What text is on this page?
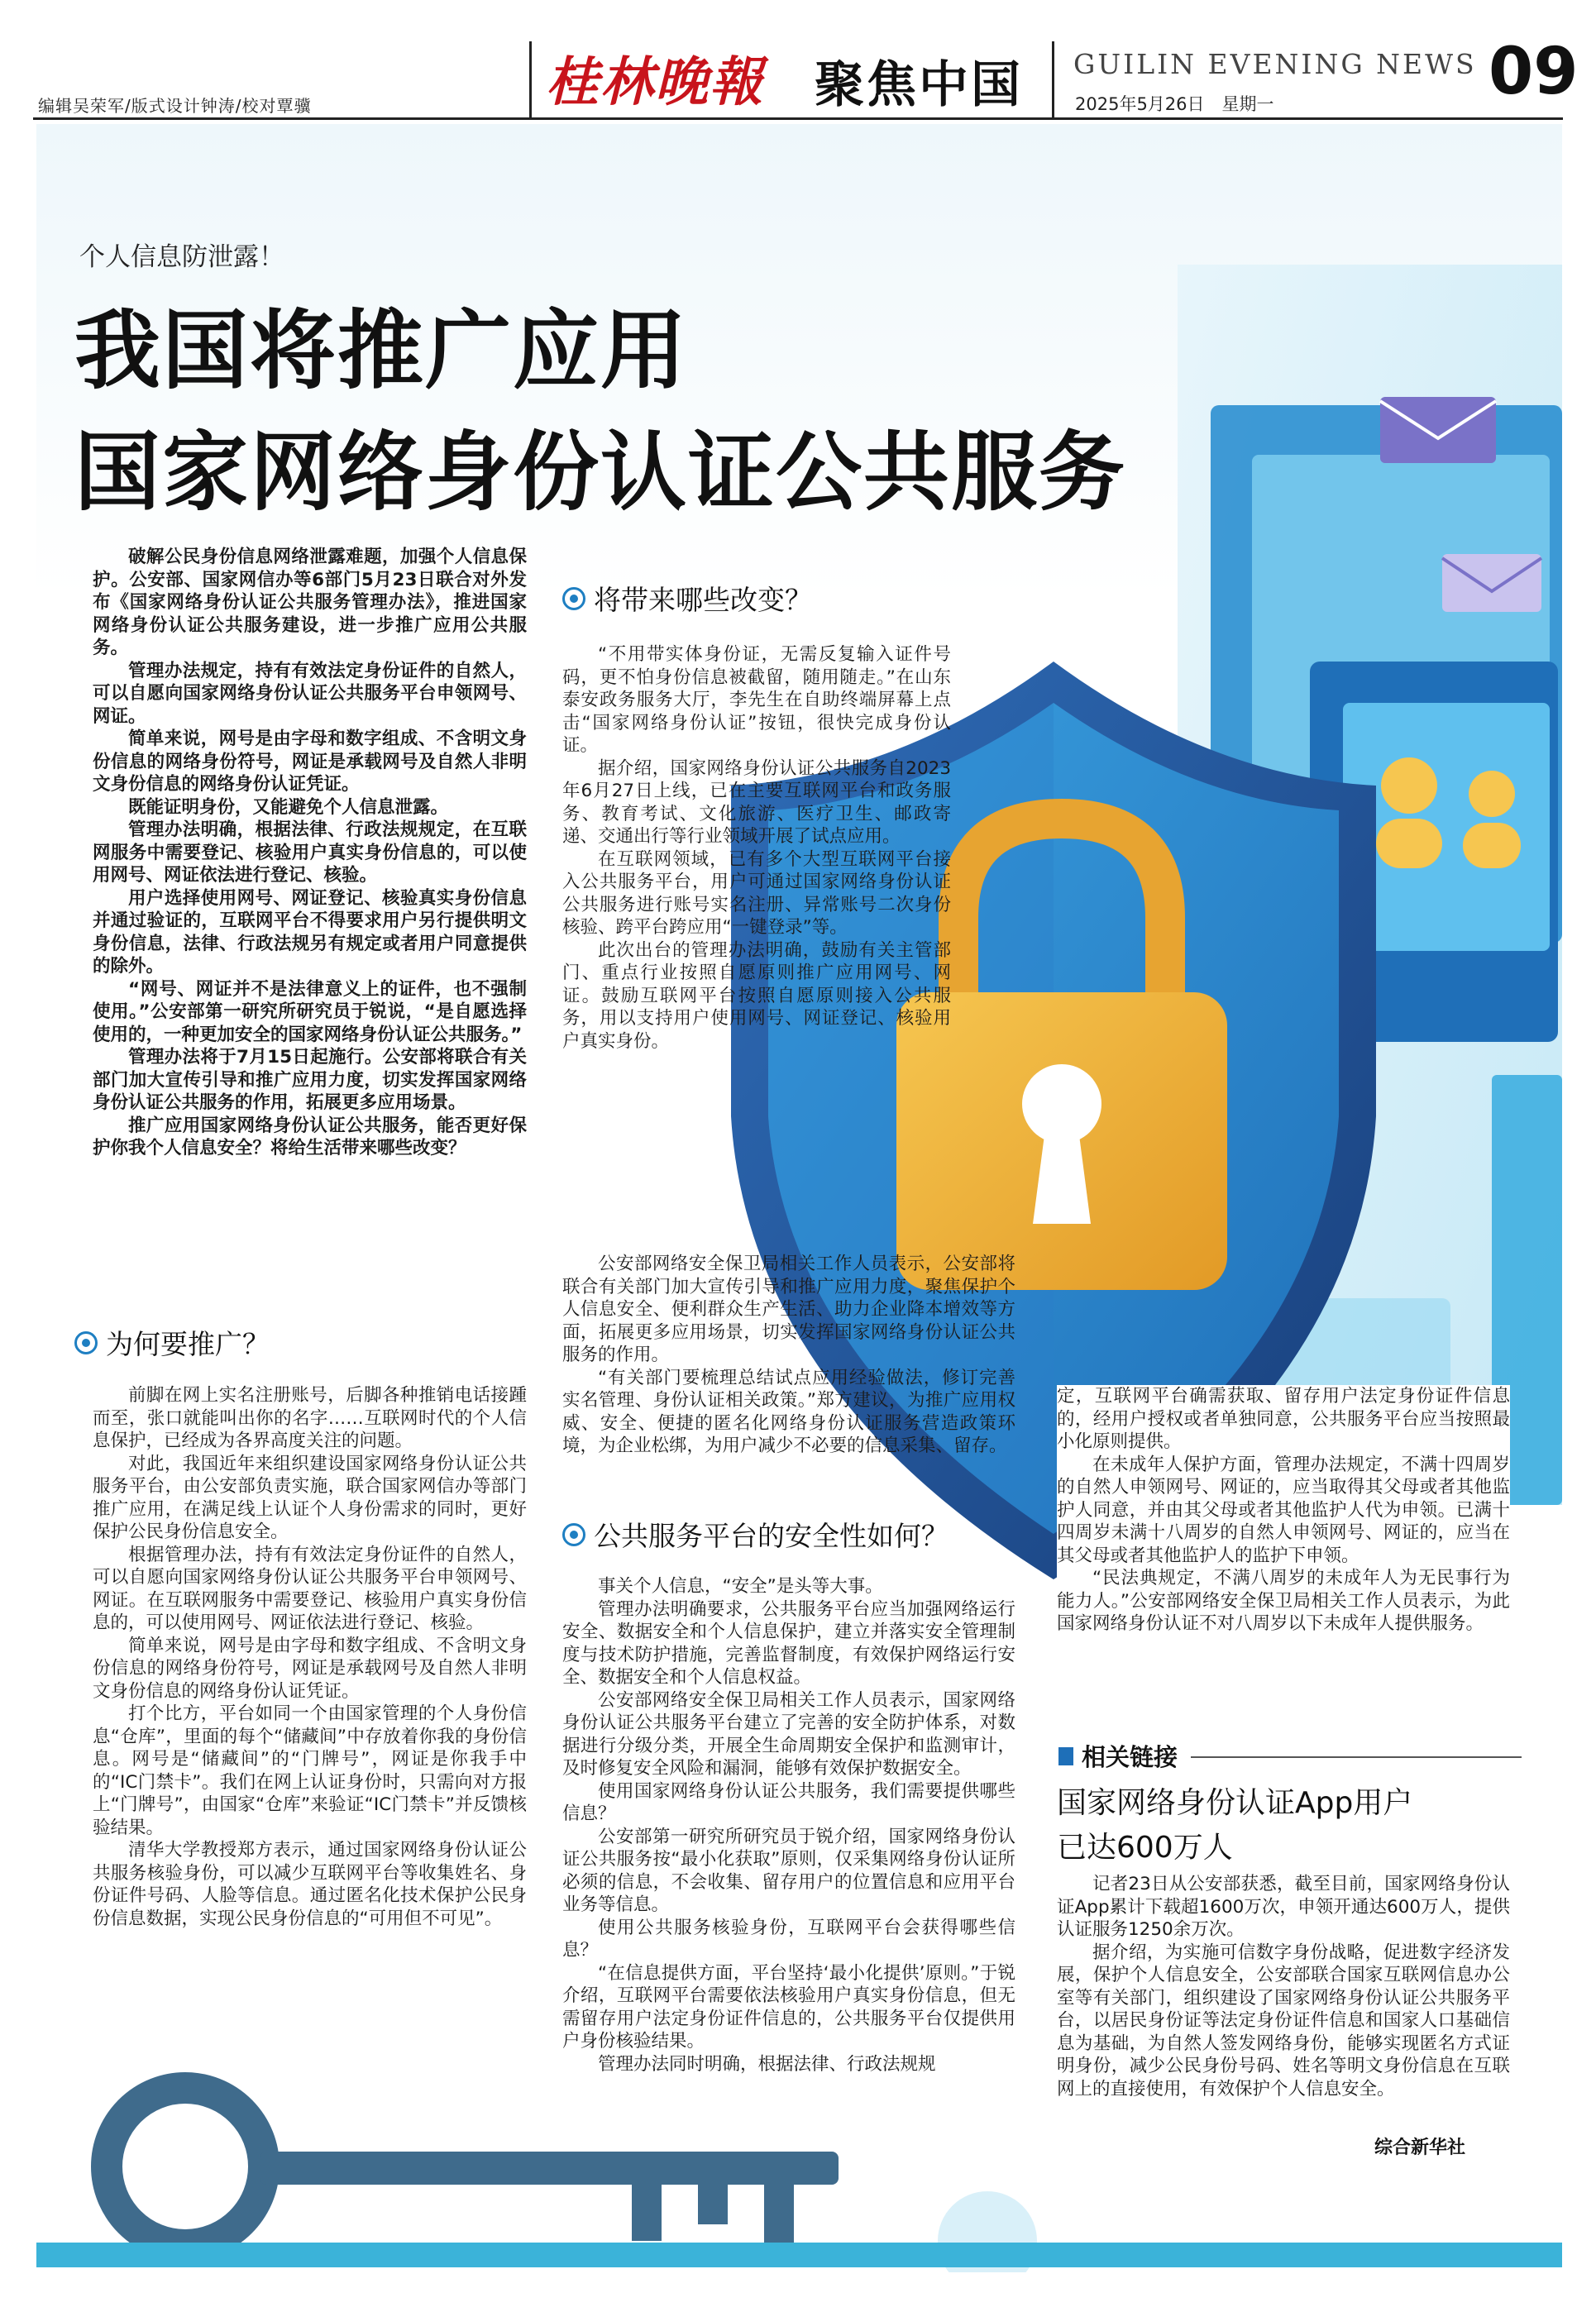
编辑吴荣军/版式设计钟涛/校对覃骥	桂林晚報 聚焦中国 GUILIN EVENING NEWS
2025年5月26日　星期一	09
个人信息防泄露！
我国将推广应用
国家网络身份认证公共服务

破解公民身份信息网络泄露难题，加强个人信息保护。公安部、国家网信办等6部门5月23日联合对外发布《国家网络身份认证公共服务管理办法》，推进国家网络身份认证公共服务建设，进一步推广应用公共服务。

管理办法规定，持有有效法定身份证件的自然人，可以自愿向国家网络身份认证公共服务平台申领网号、网证。

简单来说，网号是由字母和数字组成、不含明文身份信息的网络身份符号，网证是承载网号及自然人非明文身份信息的网络身份认证凭证。

既能证明身份，又能避免个人信息泄露。

管理办法明确，根据法律、行政法规规定，在互联网服务中需要登记、核验用户真实身份信息的，可以使用网号、网证依法进行登记、核验。

用户选择使用网号、网证登记、核验真实身份信息并通过验证的，互联网平台不得要求用户另行提供明文身份信息，法律、行政法规另有规定或者用户同意提供的除外。

“网号、网证并不是法律意义上的证件，也不强制使用。”公安部第一研究所研究员于锐说，“是自愿选择使用的，一种更加安全的国家网络身份认证公共服务。”

管理办法将于7月15日起施行。公安部将联合有关部门加大宣传引导和推广应用力度，切实发挥国家网络身份认证公共服务的作用，拓展更多应用场景。

推广应用国家网络身份认证公共服务，能否更好保护你我个人信息安全？将给生活带来哪些改变？

为何要推广？

前脚在网上实名注册账号，后脚各种推销电话接踵而至，张口就能叫出你的名字……互联网时代的个人信息保护，已经成为各界高度关注的问题。

对此，我国近年来组织建设国家网络身份认证公共服务平台，由公安部负责实施，联合国家网信办等部门推广应用，在满足线上认证个人身份需求的同时，更好保护公民身份信息安全。

根据管理办法，持有有效法定身份证件的自然人，可以自愿向国家网络身份认证公共服务平台申领网号、网证。在互联网服务中需要登记、核验用户真实身份信息的，可以使用网号、网证依法进行登记、核验。

简单来说，网号是由字母和数字组成、不含明文身份信息的网络身份符号，网证是承载网号及自然人非明文身份信息的网络身份认证凭证。

打个比方，平台如同一个由国家管理的个人身份信息“仓库”，里面的每个“储藏间”中存放着你我的身份信息。网号是“储藏间”的“门牌号”，网证是你我手中的“IC门禁卡”。我们在网上认证身份时，只需向对方报上“门牌号”，由国家“仓库”来验证“IC门禁卡”并反馈核验结果。

清华大学教授郑方表示，通过国家网络身份认证公共服务核验身份，可以减少互联网平台等收集姓名、身份证件号码、人脸等信息。通过匿名化技术保护公民身份信息数据，实现公民身份信息的“可用但不可见”。

将带来哪些改变？

“不用带实体身份证，无需反复输入证件号码，更不怕身份信息被截留，随用随走。”在山东泰安政务服务大厅，李先生在自助终端屏幕上点击“国家网络身份认证”按钮，很快完成身份认证。

据介绍，国家网络身份认证公共服务自2023年6月27日上线，已在主要互联网平台和政务服务、教育考试、文化旅游、医疗卫生、邮政寄递、交通出行等行业领域开展了试点应用。

在互联网领域，已有多个大型互联网平台接入公共服务平台，用户可通过国家网络身份认证公共服务进行账号实名注册、异常账号二次身份核验、跨平台跨应用“一键登录”等。

此次出台的管理办法明确，鼓励有关主管部门、重点行业按照自愿原则推广应用网号、网证。鼓励互联网平台按照自愿原则接入公共服务，用以支持用户使用网号、网证登记、核验用户真实身份。

公安部网络安全保卫局相关工作人员表示，公安部将联合有关部门加大宣传引导和推广应用力度，聚焦保护个人信息安全、便利群众生产生活、助力企业降本增效等方面，拓展更多应用场景，切实发挥国家网络身份认证公共服务的作用。

“有关部门要梳理总结试点应用经验做法，修订完善实名管理、身份认证相关政策。”郑方建议，为推广应用权威、安全、便捷的匿名化网络身份认证服务营造政策环境，为企业松绑，为用户减少不必要的信息采集、留存。

公共服务平台的安全性如何？

事关个人信息，“安全”是头等大事。

管理办法明确要求，公共服务平台应当加强网络运行安全、数据安全和个人信息保护，建立并落实安全管理制度与技术防护措施，完善监督制度，有效保护网络运行安全、数据安全和个人信息权益。

公安部网络安全保卫局相关工作人员表示，国家网络身份认证公共服务平台建立了完善的安全防护体系，对数据进行分级分类，开展全生命周期安全保护和监测审计，及时修复安全风险和漏洞，能够有效保护数据安全。

使用国家网络身份认证公共服务，我们需要提供哪些信息？

公安部第一研究所研究员于锐介绍，国家网络身份认证公共服务按“最小化获取”原则，仅采集网络身份认证所必须的信息，不会收集、留存用户的位置信息和应用平台业务等信息。

使用公共服务核验身份，互联网平台会获得哪些信息？

“在信息提供方面，平台坚持‘最小化提供’原则。”于锐介绍，互联网平台需要依法核验用户真实身份信息，但无需留存用户法定身份证件信息的，公共服务平台仅提供用户身份核验结果。

管理办法同时明确，根据法律、行政法规规

定，互联网平台确需获取、留存用户法定身份证件信息的，经用户授权或者单独同意，公共服务平台应当按照最小化原则提供。

在未成年人保护方面，管理办法规定，不满十四周岁的自然人申领网号、网证的，应当取得其父母或者其他监护人同意，并由其父母或者其他监护人代为申领。已满十四周岁未满十八周岁的自然人申领网号、网证的，应当在其父母或者其他监护人的监护下申领。

“民法典规定，不满八周岁的未成年人为无民事行为能力人。”公安部网络安全保卫局相关工作人员表示，为此国家网络身份认证不对八周岁以下未成年人提供服务。

相关链接
国家网络身份认证App用户
已达600万人

记者23日从公安部获悉，截至目前，国家网络身份认证App累计下载超1600万次，申领开通达600万人，提供认证服务1250余万次。

据介绍，为实施可信数字身份战略，促进数字经济发展，保护个人信息安全，公安部联合国家互联网信息办公室等有关部门，组织建设了国家网络身份认证公共服务平台，以居民身份证等法定身份证件信息和国家人口基础信息为基础，为自然人签发网络身份，能够实现匿名方式证明身份，减少公民身份号码、姓名等明文身份信息在互联网上的直接使用，有效保护个人信息安全。

综合新华社
